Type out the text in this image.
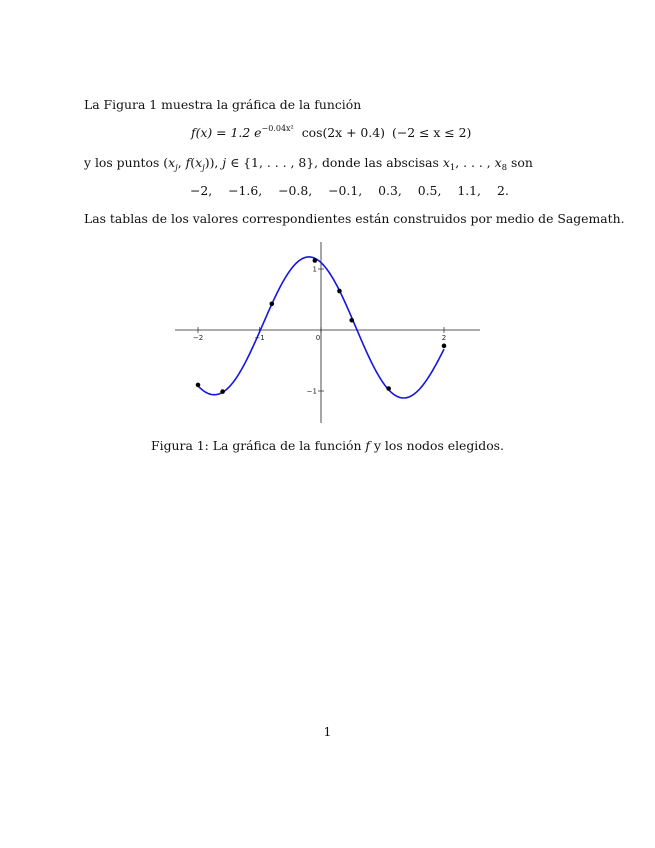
La Figura 1 muestra la gráfica de la función
f(x) = 1.2 $e^{-0.04x^2}$ cos(2x + 0.4) (−2 ≤ x ≤ 2)
y los puntos ($x_j$, $f(x_j)$), j ∈ {1, . . . , 8}, donde las abscisas $x_1$, . . . , $x_8$ son
−2, −1.6, −0.8, −0.1, 0.3, 0.5, 1.1, 2.
Las tablas de los valores correspondientes están construidos por medio de Sagemath.
−2	−1	0	2
1
−1
Figura 1: La gráfica de la función f y los nodos elegidos.
1
